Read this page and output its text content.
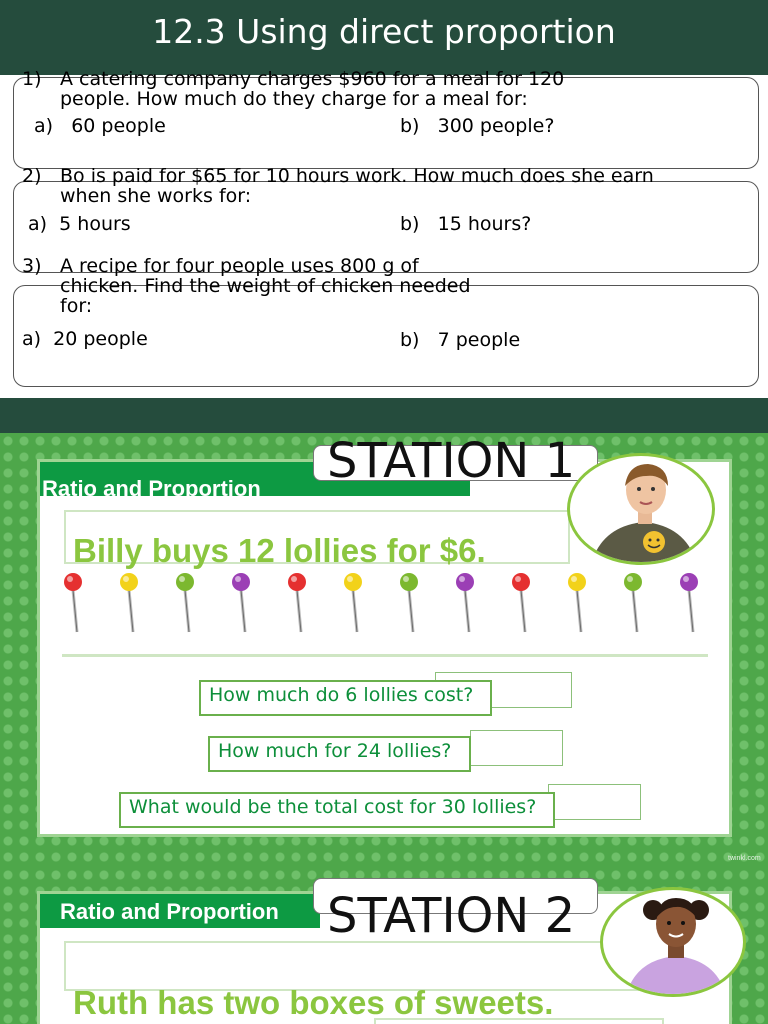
12.3 Using direct proportion
1) A catering company charges $960 for a meal for 120
people. How much do they charge for a meal for:
a) 60 people	b) 300 people?
2) Bo is paid for $65 for 10 hours work. How much does she earn
when she works for:
a) 5 hours	b) 15 hours?
3) A recipe for four people uses 800 g of
chicken. Find the weight of chicken needed
for:
a) 20 people	b) 7 people
Ratio and Proportion
Billy buys 12 lollies for $6.
How much do 6 lollies cost?
How much for 24 lollies?
What would be the total cost for 30 lollies?
STATION 1
twinkl.com
Ratio and Proportion
Ruth has two boxes of sweets.
STATION 2
